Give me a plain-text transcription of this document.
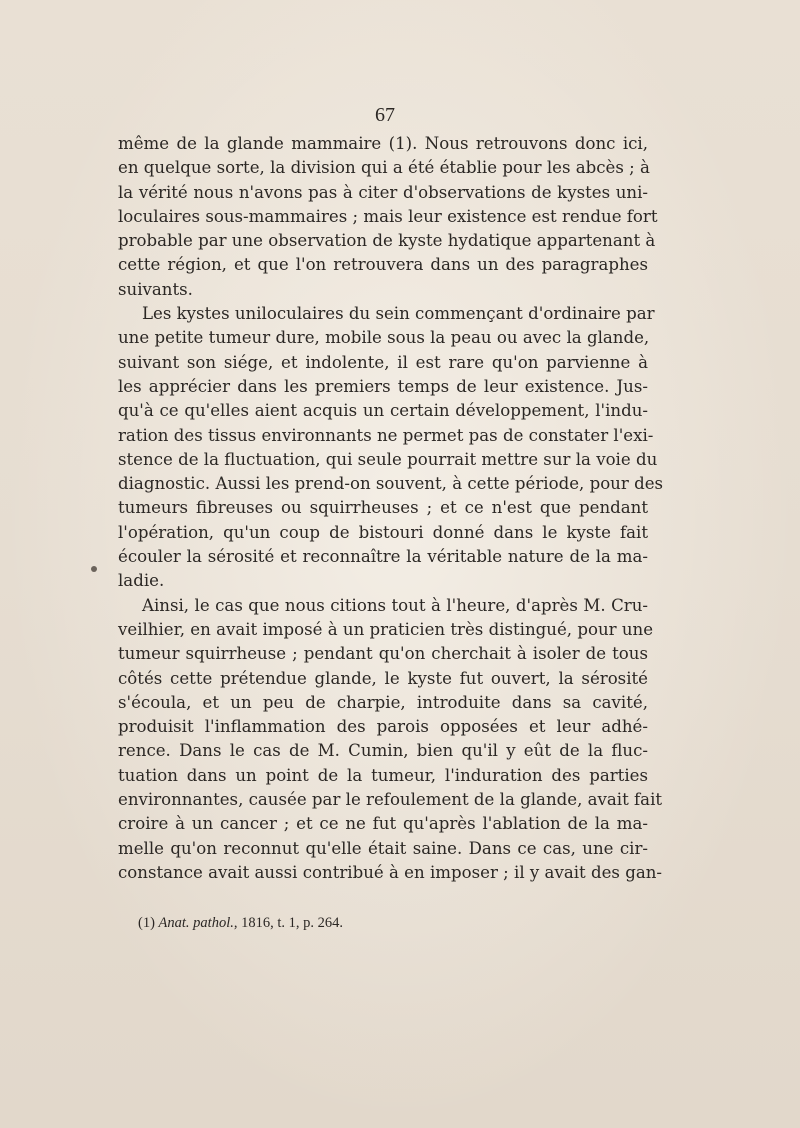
67
même de la glande mammaire (1). Nous retrouvons donc ici,
en quelque sorte, la division qui a été établie pour les abcès ; à
la vérité nous n'avons pas à citer d'observations de kystes uni-
loculaires sous-mammaires ; mais leur existence est rendue fort
probable par une observation de kyste hydatique appartenant à
cette région, et que l'on retrouvera dans un des paragraphes
suivants.
Les kystes uniloculaires du sein commençant d'ordinaire par
une petite tumeur dure, mobile sous la peau ou avec la glande,
suivant son siége, et indolente, il est rare qu'on parvienne à
les apprécier dans les premiers temps de leur existence. Jus-
qu'à ce qu'elles aient acquis un certain développement, l'indu-
ration des tissus environnants ne permet pas de constater l'exi-
stence de la fluctuation, qui seule pourrait mettre sur la voie du
diagnostic. Aussi les prend-on souvent, à cette période, pour des
tumeurs fibreuses ou squirrheuses ; et ce n'est que pendant
l'opération, qu'un coup de bistouri donné dans le kyste fait
écouler la sérosité et reconnaître la véritable nature de la ma-
ladie.
Ainsi, le cas que nous citions tout à l'heure, d'après M. Cru-
veilhier, en avait imposé à un praticien très distingué, pour une
tumeur squirrheuse ; pendant qu'on cherchait à isoler de tous
côtés cette prétendue glande, le kyste fut ouvert, la sérosité
s'écoula, et un peu de charpie, introduite dans sa cavité,
produisit l'inflammation des parois opposées et leur adhé-
rence. Dans le cas de M. Cumin, bien qu'il y eût de la fluc-
tuation dans un point de la tumeur, l'induration des parties
environnantes, causée par le refoulement de la glande, avait fait
croire à un cancer ; et ce ne fut qu'après l'ablation de la ma-
melle qu'on reconnut qu'elle était saine. Dans ce cas, une cir-
constance avait aussi contribué à en imposer ; il y avait des gan-
(1) Anat. pathol., 1816, t. 1, p. 264.
